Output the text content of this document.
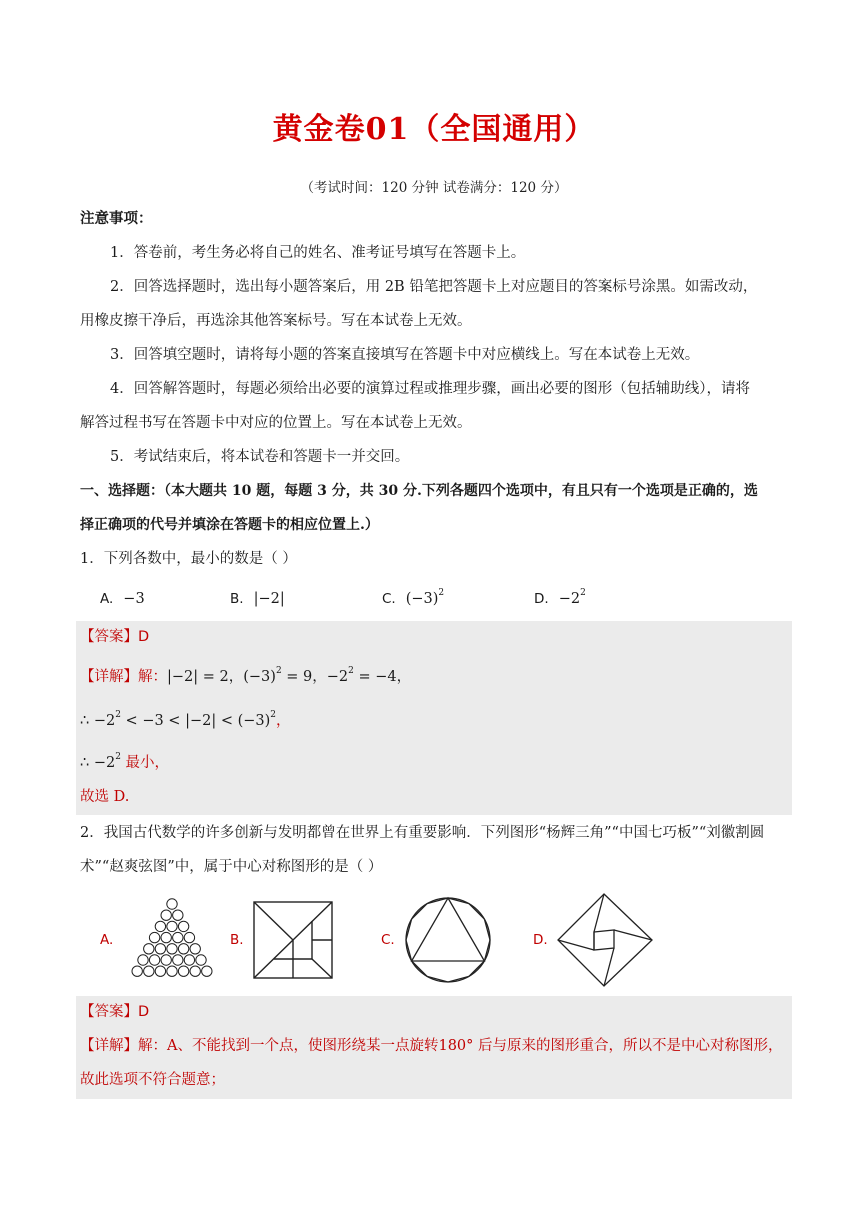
黄金卷01（全国通用）
（考试时间：120 分钟 试卷满分：120 分）
注意事项：
1．答卷前，考生务必将自己的姓名、准考证号填写在答题卡上。
2．回答选择题时，选出每小题答案后，用 2B 铅笔把答题卡上对应题目的答案标号涂黑。如需改动，
用橡皮擦干净后，再选涂其他答案标号。写在本试卷上无效。
3．回答填空题时，请将每小题的答案直接填写在答题卡中对应横线上。写在本试卷上无效。
4．回答解答题时，每题必须给出必要的演算过程或推理步骤，画出必要的图形（包括辅助线），请将
解答过程书写在答题卡中对应的位置上。写在本试卷上无效。
5．考试结束后，将本试卷和答题卡一并交回。
一、选择题：（本大题共 10 题，每题 3 分，共 30 分.下列各题四个选项中，有且只有一个选项是正确的，选
择正确项的代号并填涂在答题卡的相应位置上.）
1．下列各数中，最小的数是（ ）
A. −3	B. |−2|	C. $(-3)^2$	D. $-2^2$
【答案】D
【详解】解：|−2| = 2，$(-3)^2 = 9$，$-2^2 = -4$，
∴ $-2^2 < -3 < |-2| < (-3)^2$，
∴ $-2^2$ 最小，
故选 D.
2．我国古代数学的许多创新与发明都曾在世界上有重要影响．下列图形“杨辉三角”“中国七巧板”“刘徽割圆
术”“赵爽弦图”中，属于中心对称图形的是（ ）
A.	B.	C.	D.
【答案】D
【详解】解：A、不能找到一个点，使图形绕某一点旋转180° 后与原来的图形重合，所以不是中心对称图形，
故此选项不符合题意；
